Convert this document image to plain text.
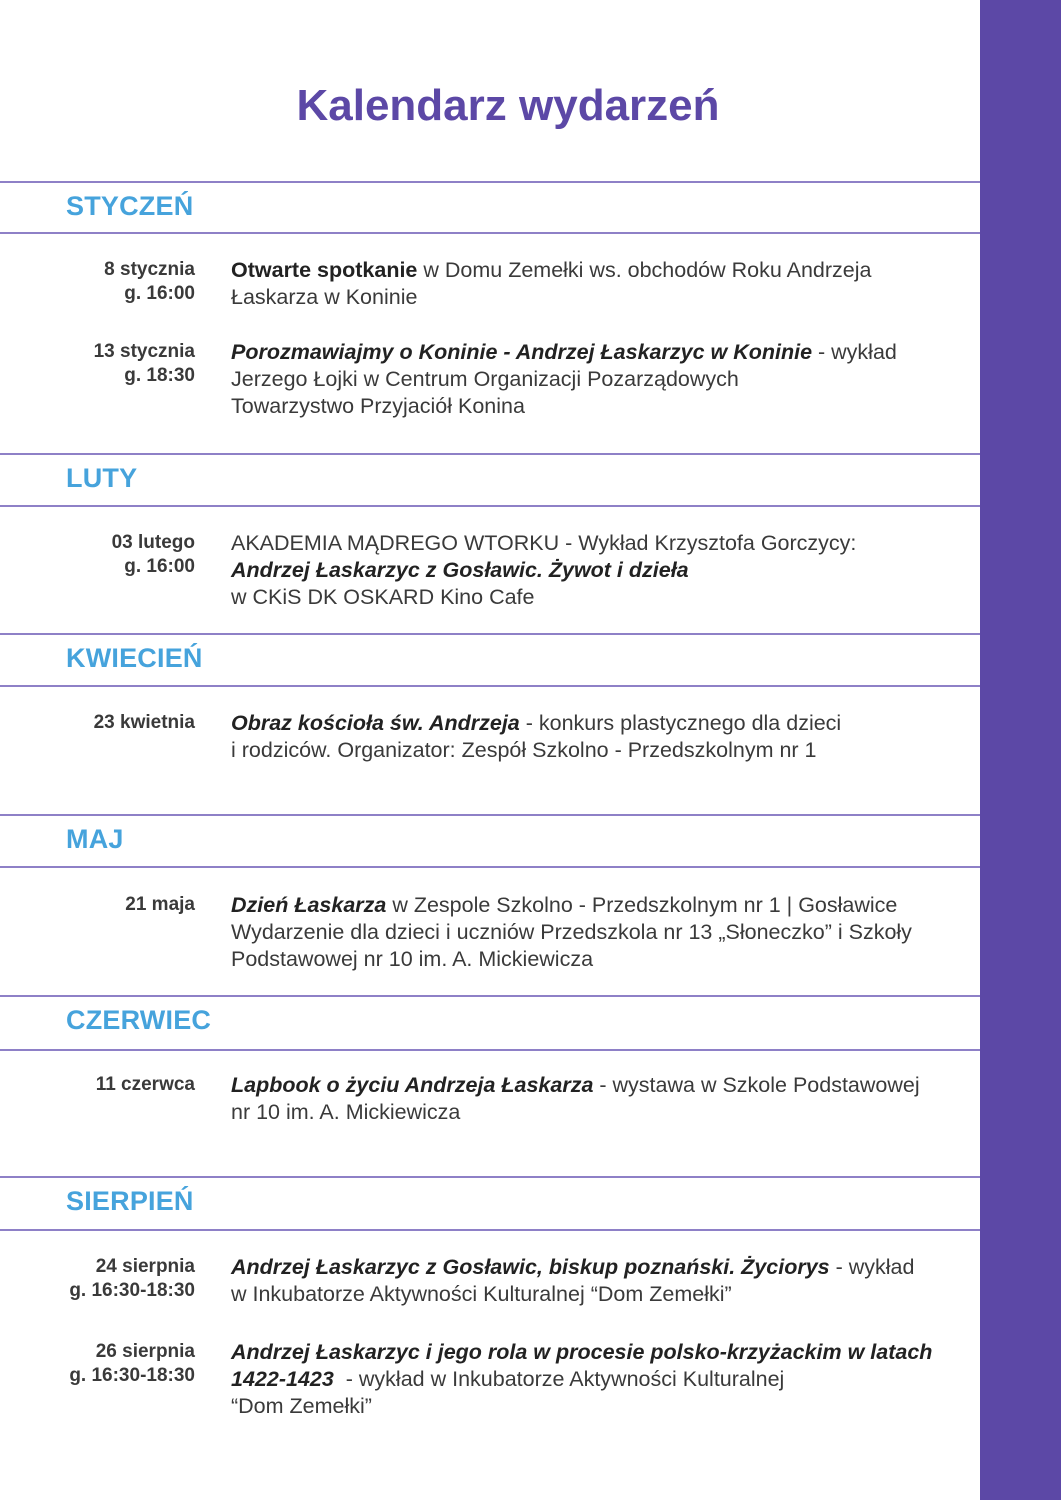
Kalendarz wydarzeń
STYCZEŃ
8 stycznia
g. 16:00
Otwarte spotkanie w Domu Zemełki ws. obchodów Roku Andrzeja
Łaskarza w Koninie
13 stycznia
g. 18:30
Porozmawiajmy o Koninie - Andrzej Łaskarzyc w Koninie - wykład
Jerzego Łojki w Centrum Organizacji Pozarządowych
Towarzystwo Przyjaciół Konina
LUTY
03 lutego
g. 16:00
AKADEMIA MĄDREGO WTORKU - Wykład Krzysztofa Gorczycy:
Andrzej Łaskarzyc z Gosławic. Żywot i dzieła
w CKiS DK OSKARD Kino Cafe
KWIECIEŃ
23 kwietnia Obraz kościoła św. Andrzeja - konkurs plastycznego dla dzieci
i rodziców. Organizator: Zespół Szkolno - Przedszkolnym nr 1
MAJ
21 maja Dzień Łaskarza w Zespole Szkolno - Przedszkolnym nr 1 | Gosławice
Wydarzenie dla dzieci i uczniów Przedszkola nr 13 „Słoneczko” i Szkoły
Podstawowej nr 10 im. A. Mickiewicza
CZERWIEC
11 czerwca Lapbook o życiu Andrzeja Łaskarza - wystawa w Szkole Podstawowej
nr 10 im. A. Mickiewicza
SIERPIEŃ
24 sierpnia
g. 16:30-18:30
Andrzej Łaskarzyc z Gosławic, biskup poznański. Życiorys - wykład
w Inkubatorze Aktywności Kulturalnej “Dom Zemełki”
26 sierpnia
g. 16:30-18:30
Andrzej Łaskarzyc i jego rola w procesie polsko-krzyżackim w latach
1422-1423  - wykład w Inkubatorze Aktywności Kulturalnej
“Dom Zemełki”
